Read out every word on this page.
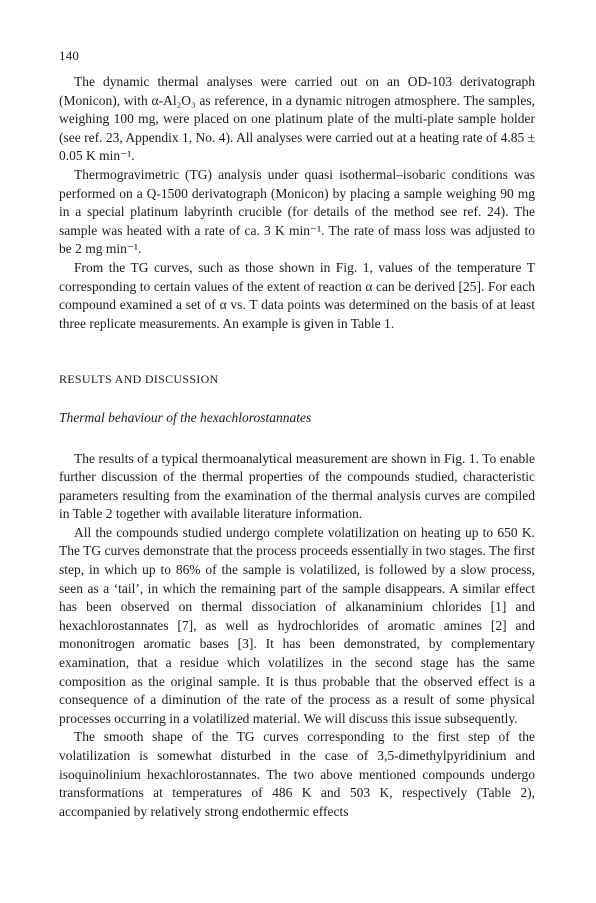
140

The dynamic thermal analyses were carried out on an OD-103 derivatograph (Monicon), with α-Al₂O₃ as reference, in a dynamic nitrogen atmosphere. The samples, weighing 100 mg, were placed on one platinum plate of the multi-plate sample holder (see ref. 23, Appendix 1, No. 4). All analyses were carried out at a heating rate of 4.85 ± 0.05 K min⁻¹.

Thermogravimetric (TG) analysis under quasi isothermal–isobaric conditions was performed on a Q-1500 derivatograph (Monicon) by placing a sample weighing 90 mg in a special platinum labyrinth crucible (for details of the method see ref. 24). The sample was heated with a rate of ca. 3 K min⁻¹. The rate of mass loss was adjusted to be 2 mg min⁻¹.

From the TG curves, such as those shown in Fig. 1, values of the temperature T corresponding to certain values of the extent of reaction α can be derived [25]. For each compound examined a set of α vs. T data points was determined on the basis of at least three replicate measurements. An example is given in Table 1.

RESULTS AND DISCUSSION
Thermal behaviour of the hexachlorostannates

The results of a typical thermoanalytical measurement are shown in Fig. 1. To enable further discussion of the thermal properties of the compounds studied, characteristic parameters resulting from the examination of the thermal analysis curves are compiled in Table 2 together with available literature information.

All the compounds studied undergo complete volatilization on heating up to 650 K. The TG curves demonstrate that the process proceeds essentially in two stages. The first step, in which up to 86% of the sample is volatilized, is followed by a slow process, seen as a ‘tail’, in which the remaining part of the sample disappears. A similar effect has been observed on thermal dissociation of alkanaminium chlorides [1] and hexachlorostannates [7], as well as hydrochlorides of aromatic amines [2] and mononitrogen aromatic bases [3]. It has been demonstrated, by complementary examination, that a residue which volatilizes in the second stage has the same composition as the original sample. It is thus probable that the observed effect is a consequence of a diminution of the rate of the process as a result of some physical processes occurring in a volatilized material. We will discuss this issue subsequently.

The smooth shape of the TG curves corresponding to the first step of the volatilization is somewhat disturbed in the case of 3,5-dimethylpyridinium and isoquinolinium hexachlorostannates. The two above mentioned compounds undergo transformations at temperatures of 486 K and 503 K, respectively (Table 2), accompanied by relatively strong endothermic effects
